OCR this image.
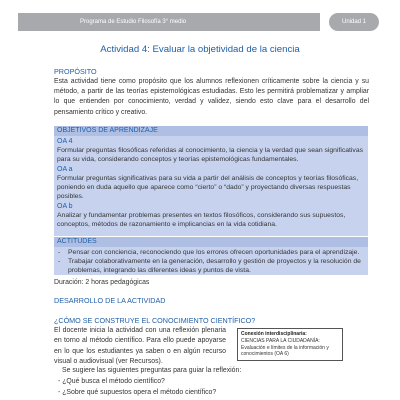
Programa de Estudio Filosofía 3° medio	Unidad 1
Actividad 4: Evaluar la objetividad de la ciencia
PROPÓSITO
Esta actividad tiene como propósito que los alumnos reflexionen críticamente sobre la ciencia y su método, a partir de las teorías epistemológicas estudiadas. Esto les permitirá problematizar y ampliar lo que entienden por conocimiento, verdad y validez, siendo esto clave para el desarrollo del pensamiento crítico y creativo.
OBJETIVOS DE APRENDIZAJE
OA 4
Formular preguntas filosóficas referidas al conocimiento, la ciencia y la verdad que sean significativas para su vida, considerando conceptos y teorías epistemológicas fundamentales.
OA a
Formular preguntas significativas para su vida a partir del análisis de conceptos y teorías filosóficas, poniendo en duda aquello que aparece como “cierto” o “dado” y proyectando diversas respuestas posibles.
OA b
Analizar y fundamentar problemas presentes en textos filosóficos, considerando sus supuestos, conceptos, métodos de razonamiento e implicancias en la vida cotidiana.
ACTITUDES
- Pensar con conciencia, reconociendo que los errores ofrecen oportunidades para el aprendizaje.
- Trabajar colaborativamente en la generación, desarrollo y gestión de proyectos y la resolución de problemas, integrando las diferentes ideas y puntos de vista.
Duración: 2 horas pedagógicas
DESARROLLO DE LA ACTIVIDAD
¿CÓMO SE CONSTRUYE EL CONOCIMIENTO CIENTÍFICO?
El docente inicia la actividad con una reflexión plenaria en torno al método científico. Para ello puede apoyarse en lo que los estudiantes ya saben o en algún recurso visual o audiovisual (ver Recursos).
Conexión interdisciplinaria:
CIENCIAS PARA LA CIUDADANÍA: Evaluación e límites de la información y conocimientos (OA 6)
Se sugiere las siguientes preguntas para guiar la reflexión:
- ¿Qué busca el método científico?
- ¿Sobre qué supuestos opera el método científico?
